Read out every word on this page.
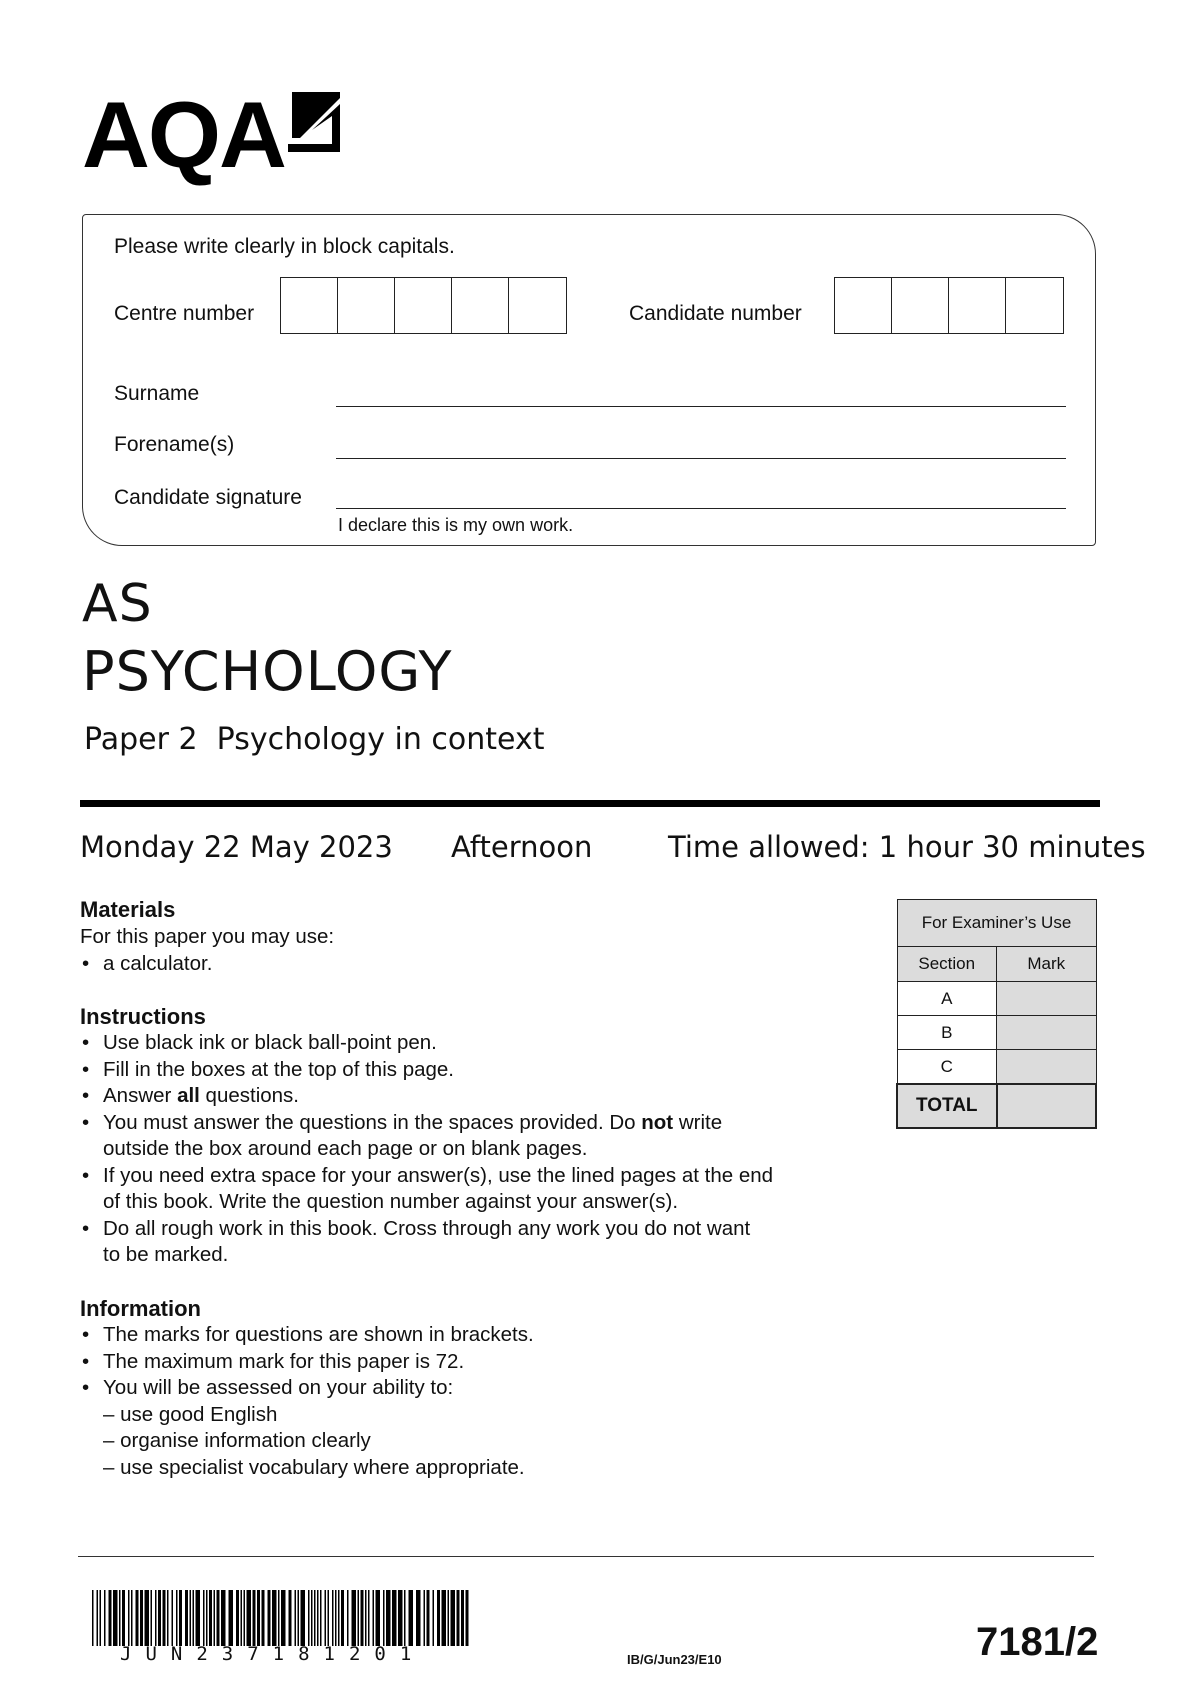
AQA
Please write clearly in block capitals.
Centre number	Candidate number
Surname
Forename(s)
Candidate signature
I declare this is my own work.
AS
PSYCHOLOGY
Paper 2 Psychology in context
Monday 22 May 2023 Afternoon	Time allowed: 1 hour 30 minutes
Materials
For this paper you may use:
• a calculator.
Instructions
• Use black ink or black ball-point pen.
• Fill in the boxes at the top of this page.
• Answer all questions.
• You must answer the questions in the spaces provided. Do not write
outside the box around each page or on blank pages.
• If you need extra space for your answer(s), use the lined pages at the end
of this book. Write the question number against your answer(s).
• Do all rough work in this book. Cross through any work you do not want
to be marked.
Information
• The marks for questions are shown in brackets.
• The maximum mark for this paper is 72.
• You will be assessed on your ability to:
– use good English
– organise information clearly
– use specialist vocabulary where appropriate.
For Examiner’s Use	
Section	Mark
A	
B	
C	
TOTAL	
JUN237181201	IB/G/Jun23/E10	7181/2
